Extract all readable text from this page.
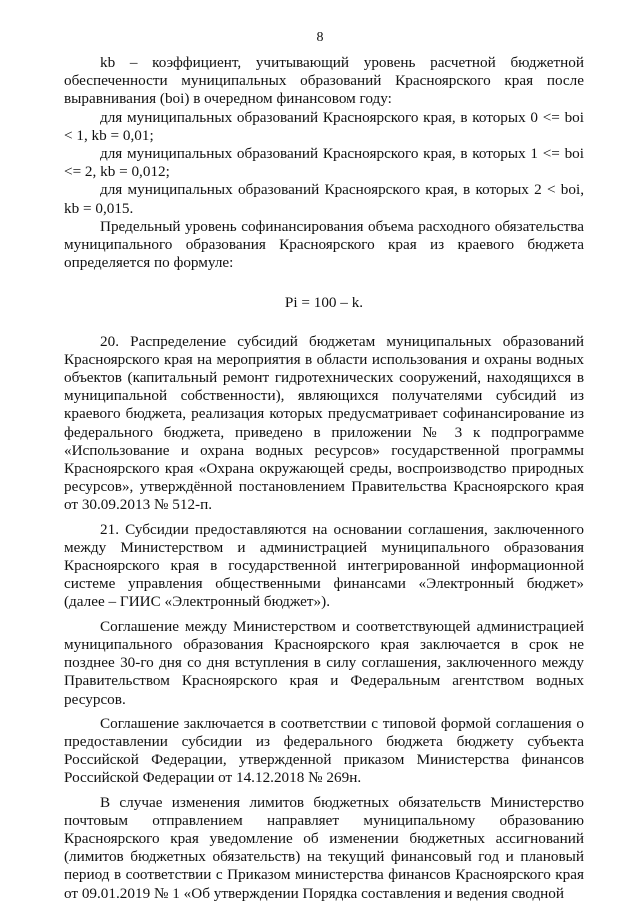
8

kb – коэффициент, учитывающий уровень расчетной бюджетной обеспеченности муниципальных образований Красноярского края после выравнивания (boi) в очередном финансовом году:

для муниципальных образований Красноярского края, в которых 0 <= boi < 1, kb = 0,01;

для муниципальных образований Красноярского края, в которых 1 <= boi <= 2, kb = 0,012;

для муниципальных образований Красноярского края, в которых 2 < boi, kb = 0,015.

Предельный уровень софинансирования объема расходного обязательства муниципального образования Красноярского края из краевого бюджета определяется по формуле:

Pi = 100 – k.

20. Распределение субсидий бюджетам муниципальных образований Красноярского края на мероприятия в области использования и охраны водных объектов (капитальный ремонт гидротехнических сооружений, находящихся в муниципальной собственности), являющихся получателями субсидий из краевого бюджета, реализация которых предусматривает софинансирование из федерального бюджета, приведено в приложении № 3 к подпрограмме «Использование и охрана водных ресурсов» государственной программы Красноярского края «Охрана окружающей среды, воспроизводство природных ресурсов», утверждённой постановлением Правительства Красноярского края от 30.09.2013 № 512-п.

21. Субсидии предоставляются на основании соглашения, заключенного между Министерством и администрацией муниципального образования Красноярского края в государственной интегрированной информационной системе управления общественными финансами «Электронный бюджет» (далее – ГИИС «Электронный бюджет»).

Соглашение между Министерством и соответствующей администрацией муниципального образования Красноярского края заключается в срок не позднее 30-го дня со дня вступления в силу соглашения, заключенного между Правительством Красноярского края и Федеральным агентством водных ресурсов.

Соглашение заключается в соответствии с типовой формой соглашения о предоставлении субсидии из федерального бюджета бюджету субъекта Российской Федерации, утвержденной приказом Министерства финансов Российской Федерации от 14.12.2018 № 269н.

В случае изменения лимитов бюджетных обязательств Министерство почтовым отправлением направляет муниципальному образованию Красноярского края уведомление об изменении бюджетных ассигнований (лимитов бюджетных обязательств) на текущий финансовый год и плановый период в соответствии с Приказом министерства финансов Красноярского края от 09.01.2019 № 1 «Об утверждении Порядка составления и ведения сводной
